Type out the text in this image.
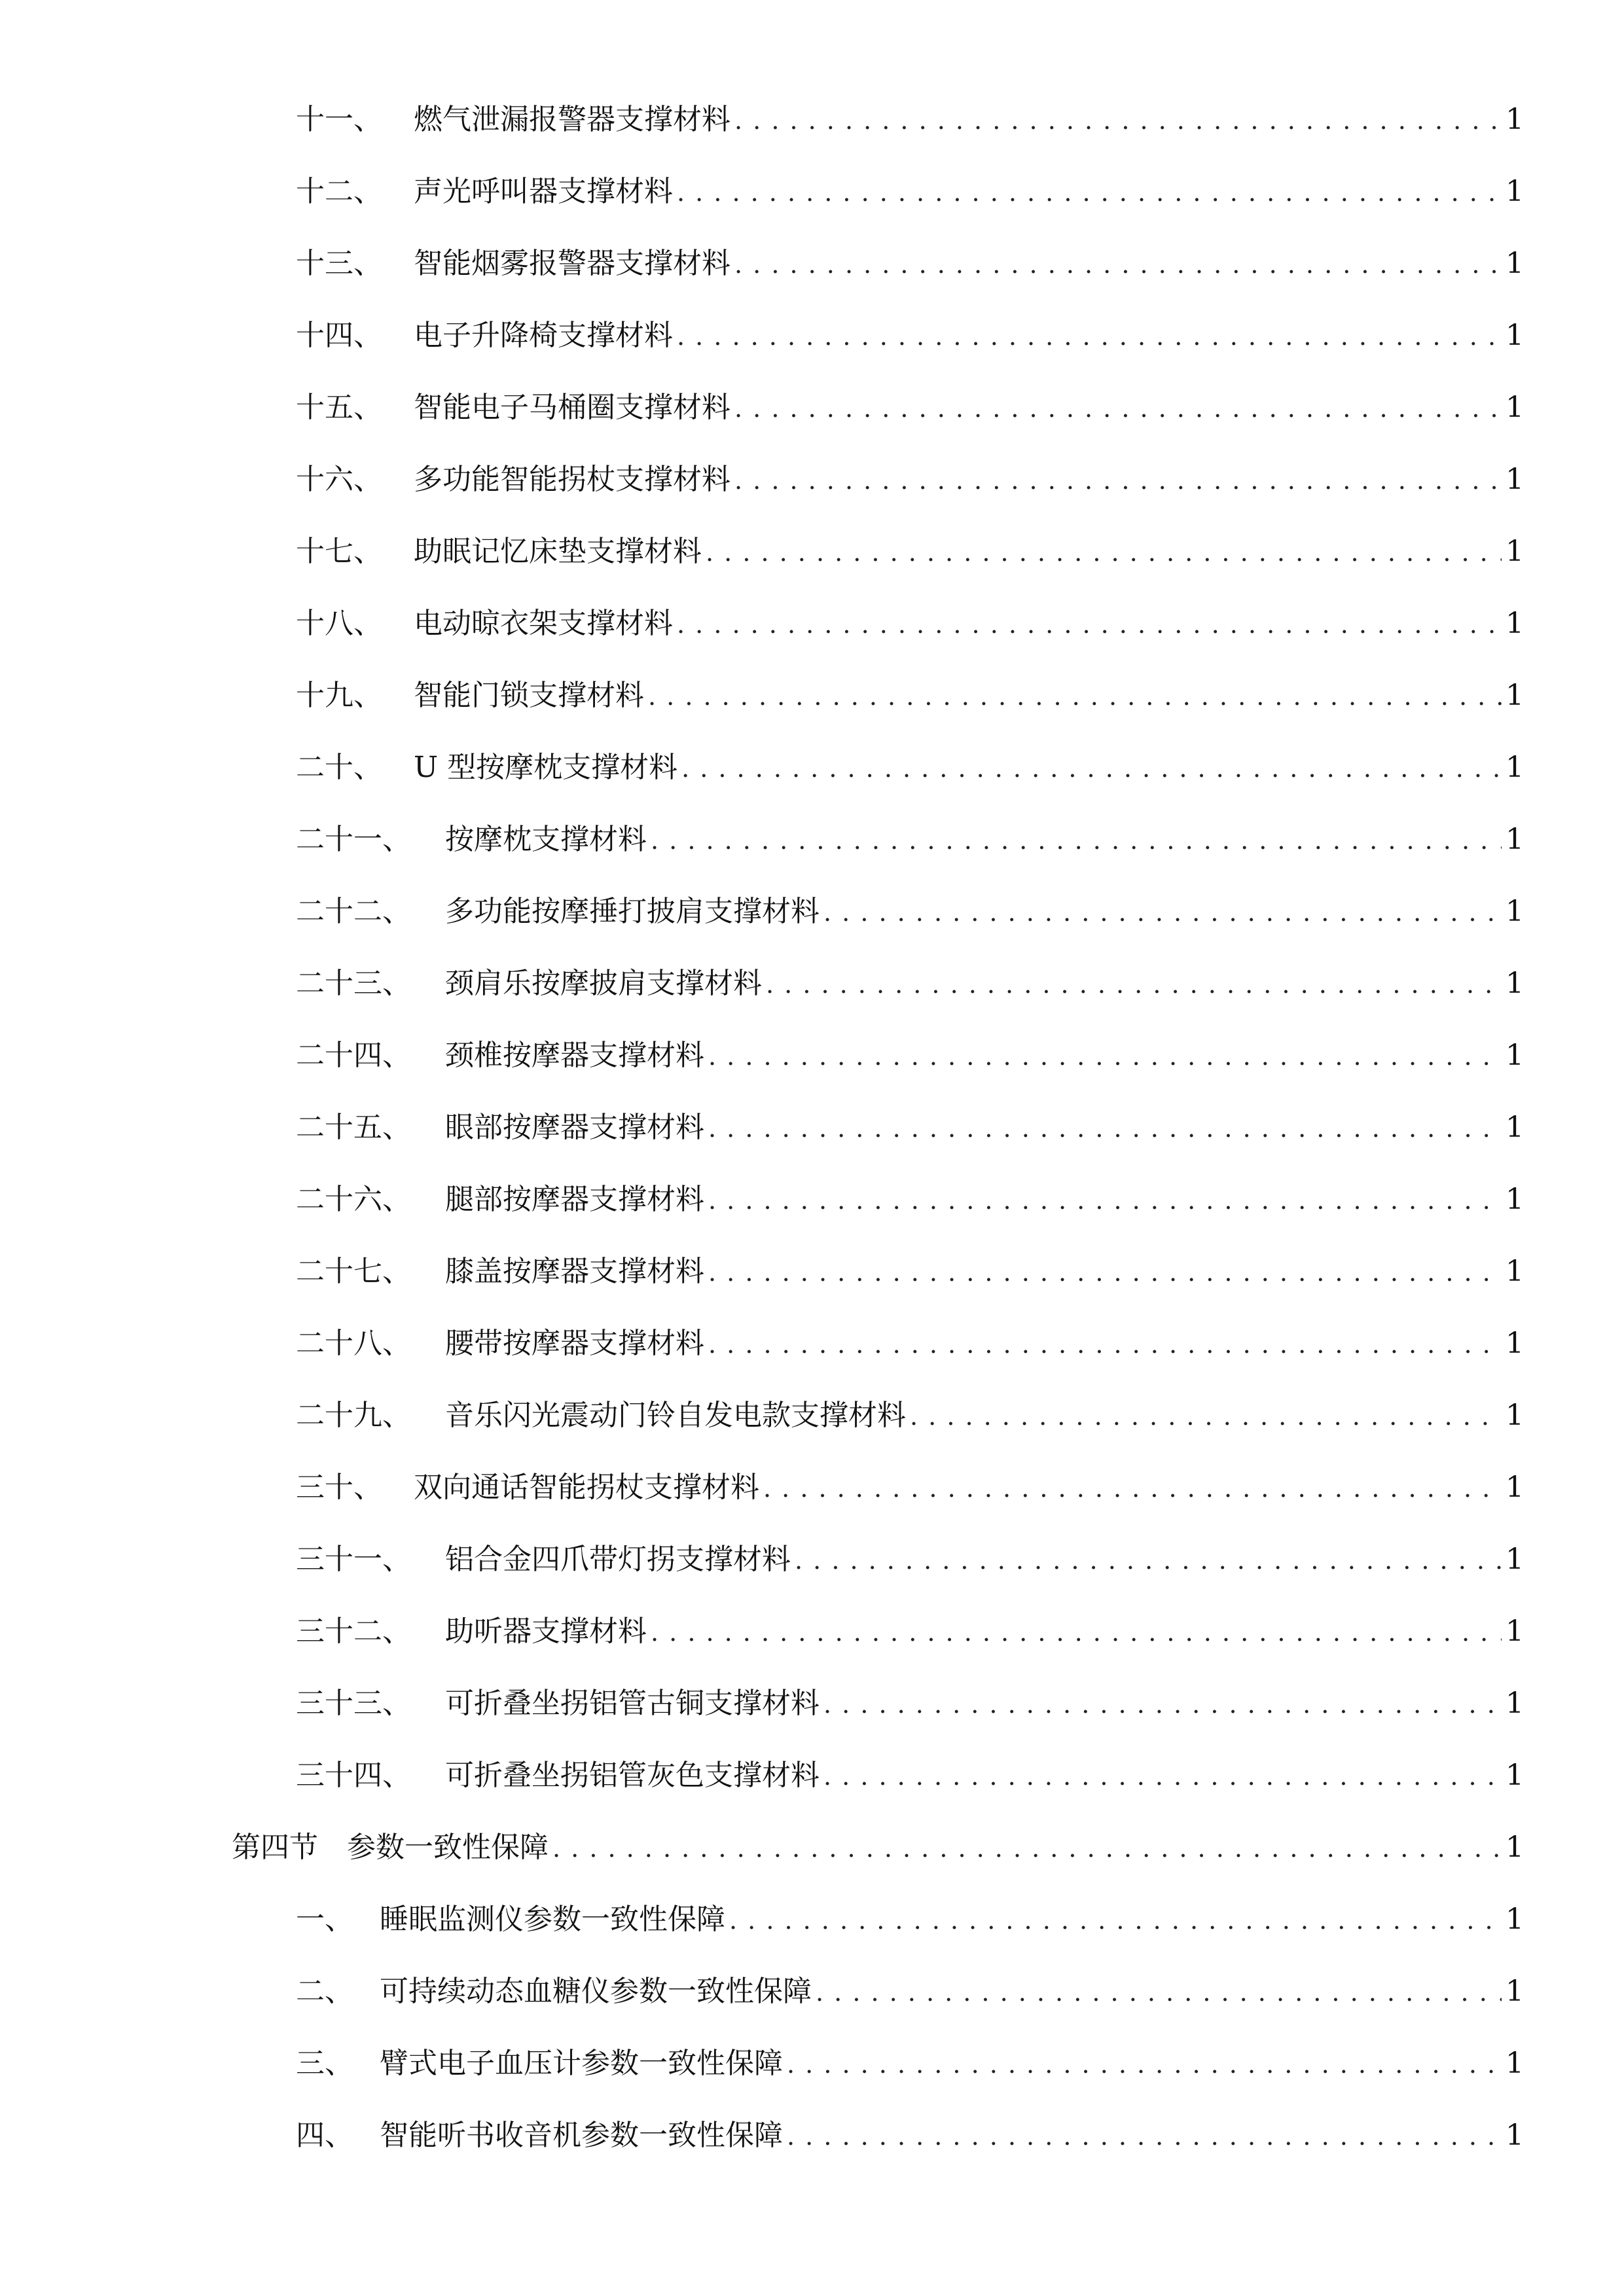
十一、	燃气泄漏报警器支撑材料 . . .	1
十二、	声光呼叫器支撑材料 . . .	1
十三、	智能烟雾报警器支撑材料 . . .	1
十四、	电子升降椅支撑材料 . . .	1
十五、	智能电子马桶圈支撑材料 . . .	1
十六、	多功能智能拐杖支撑材料 . . .	1
十七、	助眠记忆床垫支撑材料 . . .	1
十八、	电动晾衣架支撑材料 . . .	1
十九、	智能门锁支撑材料 . . .	1
二十、	U 型按摩枕支撑材料 . . .	1
二十一、	按摩枕支撑材料 . . .	1
二十二、	多功能按摩捶打披肩支撑材料 . . .	1
二十三、	颈肩乐按摩披肩支撑材料 . . .	1
二十四、	颈椎按摩器支撑材料 . . .	1
二十五、	眼部按摩器支撑材料 . . .	1
二十六、	腿部按摩器支撑材料 . . .	1
二十七、	膝盖按摩器支撑材料 . . .	1
二十八、	腰带按摩器支撑材料 . . .	1
二十九、	音乐闪光震动门铃自发电款支撑材料 . . .	1
三十、	双向通话智能拐杖支撑材料 . . .	1
三十一、	铝合金四爪带灯拐支撑材料 . . .	1
三十二、	助听器支撑材料 . . .	1
三十三、	可折叠坐拐铝管古铜支撑材料 . . .	1
三十四、	可折叠坐拐铝管灰色支撑材料 . . .	1
第四节	参数一致性保障 . . .	1
一、 睡眠监测仪参数一致性保障 . . .	1
二、 可持续动态血糖仪参数一致性保障 . . .	1
三、 臂式电子血压计参数一致性保障 . . .	1
四、 智能听书收音机参数一致性保障 . . .	1
